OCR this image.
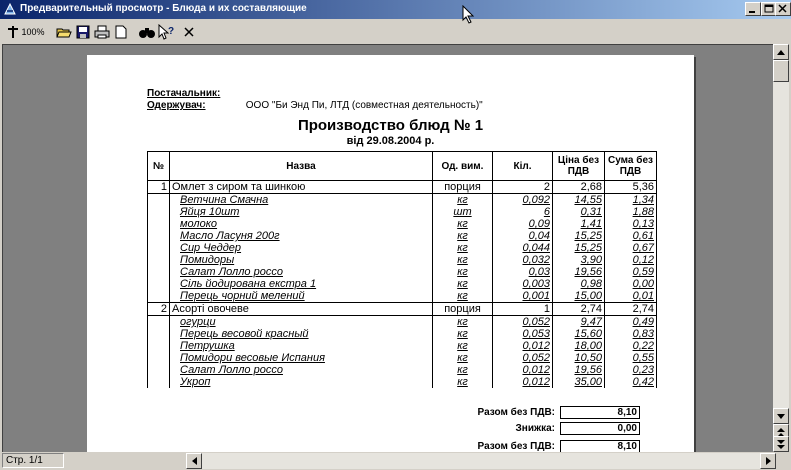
Предварительный просмотр - Блюда и их составляющие
100%	?
Постачальник:
Одержувач:	ООО "Би Энд Пи, ЛТД (совместная деятельность)"
Производство блюд № 1
від 29.08.2004 р.
№	Назва	Од. вим.	Кіл.	Ціна без ПДВ	Сума без ПДВ
1	Омлет з сиром та шинкою	порция	2	2,68	5,36
	Ветчина Смачна	кг	0,092	14,55	1,34
	Яйця 10шт	шт	6	0,31	1,88
	молоко	кг	0,09	1,41	0,13
	Масло Ласуня 200г	кг	0,04	15,25	0,61
	Сир Чеддер	кг	0,044	15,25	0,67
	Помидоры	кг	0,032	3,90	0,12
	Салат Лолло россо	кг	0,03	19,56	0,59
	Сіль йодирована екстра 1	кг	0,003	0,98	0,00
	Перець чорний мелений	кг	0,001	15,00	0,01
2	Асорті овочеве	порция	1	2,74	2,74
	огурци	кг	0,052	9,47	0,49
	Перець весовой красный	кг	0,053	15,60	0,83
	Петрушка	кг	0,012	18,00	0,22
	Помидори весовые Испания	кг	0,052	10,50	0,55
	Салат Лолло россо	кг	0,012	19,56	0,23
	Укроп	кг	0,012	35,00	0,42
Разом без ПДВ:	8,10
Знижка:	0,00
Разом без ПДВ:	8,10
Стр. 1/1
